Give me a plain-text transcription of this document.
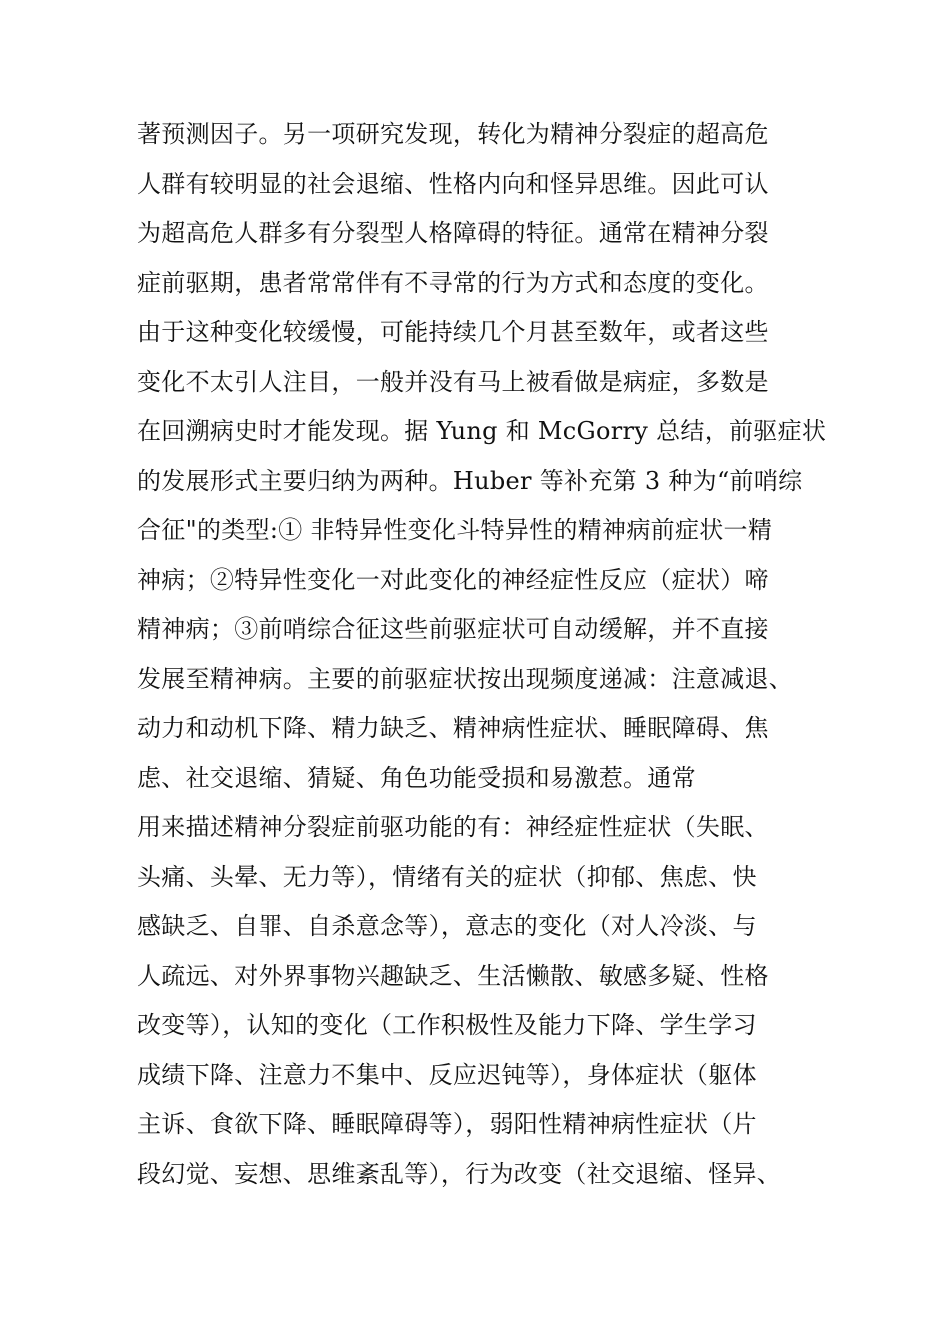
著预测因子。另一项研究发现，转化为精神分裂症的超高危
人群有较明显的社会退缩、性格内向和怪异思维。因此可认
为超高危人群多有分裂型人格障碍的特征。通常在精神分裂
症前驱期，患者常常伴有不寻常的行为方式和态度的变化。
由于这种变化较缓慢，可能持续几个月甚至数年，或者这些
变化不太引人注目，一般并没有马上被看做是病症，多数是
在回溯病史时才能发现。据 Yung 和 McGorry 总结，前驱症状
的发展形式主要归纳为两种。Huber 等补充第 3 种为“前哨综
合征"的类型:① 非特异性变化斗特异性的精神病前症状一精
神病；②特异性变化一对此变化的神经症性反应（症状）啼
精神病；③前哨综合征这些前驱症状可自动缓解，并不直接
发展至精神病。主要的前驱症状按出现频度递减：注意减退、
动力和动机下降、精力缺乏、精神病性症状、睡眠障碍、焦
虑、社交退缩、猜疑、角色功能受损和易激惹。通常
用来描述精神分裂症前驱功能的有：神经症性症状（失眠、
头痛、头晕、无力等），情绪有关的症状（抑郁、焦虑、快
感缺乏、自罪、自杀意念等），意志的变化（对人冷淡、与
人疏远、对外界事物兴趣缺乏、生活懒散、敏感多疑、性格
改变等），认知的变化（工作积极性及能力下降、学生学习
成绩下降、注意力不集中、反应迟钝等），身体症状（躯体
主诉、食欲下降、睡眠障碍等），弱阳性精神病性症状（片
段幻觉、妄想、思维紊乱等），行为改变（社交退缩、怪异、
